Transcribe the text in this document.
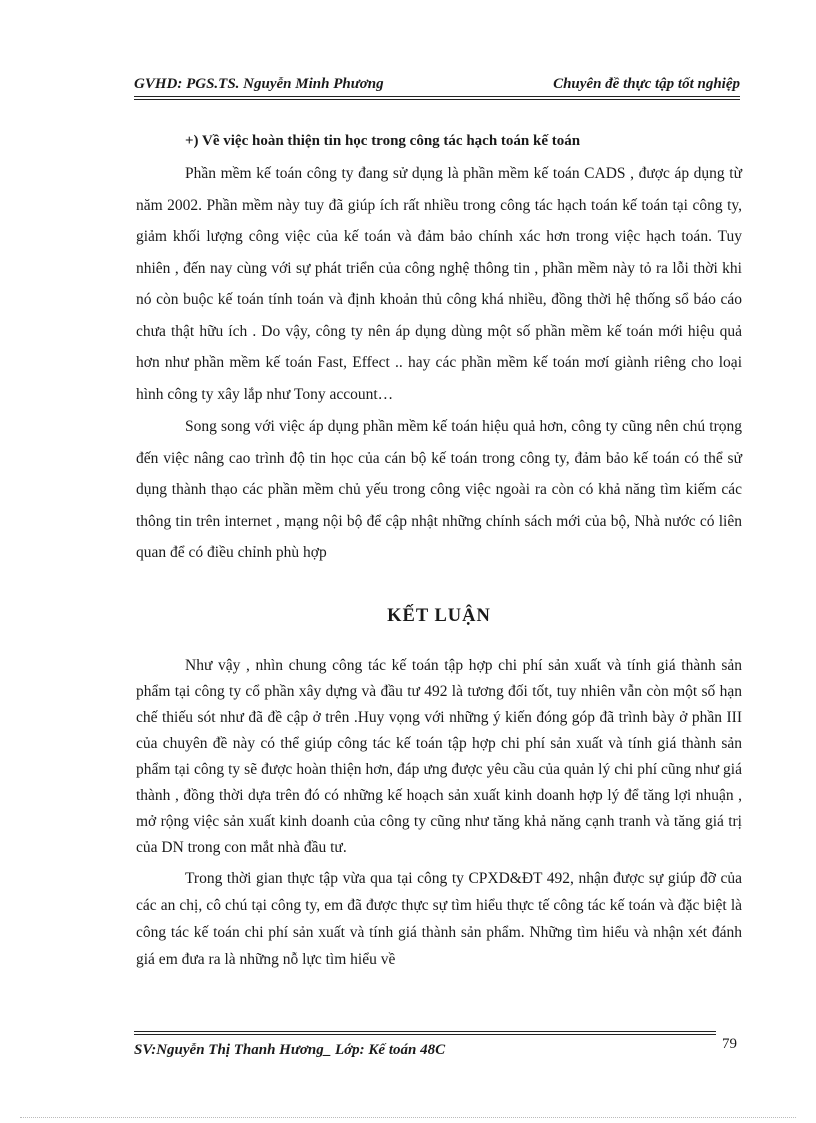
GVHD: PGS.TS. Nguyễn Minh Phương	Chuyên đề thực tập tốt nghiệp

+) Về việc hoàn thiện tin học trong công tác hạch toán kế toán

Phần mềm kế toán công ty đang sử dụng là phần mềm kế toán CADS , được áp dụng từ năm 2002. Phần mềm này tuy đã giúp ích rất nhiều trong công tác hạch toán kế toán tại công ty, giảm khối lượng công việc của kế toán và đảm bảo chính xác hơn trong việc hạch toán. Tuy nhiên , đến nay cùng với sự phát triển của công nghệ thông tin , phần mềm này tỏ ra lỗi thời khi nó còn buộc kế toán tính toán và định khoản thủ công khá nhiều, đồng thời hệ thống sổ báo cáo chưa thật hữu ích . Do vậy, công ty nên áp dụng dùng một số phần mềm kế toán mới hiệu quả hơn như phần mềm kế toán Fast, Effect .. hay các phần mềm kế toán mơí giành riêng cho loại hình công ty xây lắp như Tony account…

Song song với việc áp dụng phần mềm kế toán hiệu quả hơn, công ty cũng nên chú trọng đến việc nâng cao trình độ tin học của cán bộ kế toán trong công ty, đảm bảo kế toán có thể sử dụng thành thạo các phần mềm chủ yếu trong công việc ngoài ra còn có khả năng tìm kiếm các thông tin trên internet , mạng nội bộ để cập nhật những chính sách mới của bộ, Nhà nước có liên quan để có điều chỉnh phù hợp

KẾT LUẬN

Như vậy , nhìn chung công tác kế toán tập hợp chi phí sản xuất và tính giá thành sản phẩm tại công ty cổ phần xây dựng và đầu tư 492 là tương đối tốt, tuy nhiên vẫn còn một số hạn chế thiếu sót như đã đề cập ở trên .Huy vọng với những ý kiến đóng góp đã trình bày ở phần III của chuyên đề này có thể giúp công tác kế toán tập hợp chi phí sản xuất và tính giá thành sản phẩm tại công ty sẽ được hoàn thiện hơn, đáp ưng được yêu cầu của quản lý chi phí cũng như giá thành , đồng thời dựa trên đó có những kế hoạch sản xuất kinh doanh hợp lý để tăng lợi nhuận , mở rộng việc sản xuất kinh doanh của công ty cũng như tăng khả năng cạnh tranh và tăng giá trị của DN trong con mắt nhà đầu tư.

Trong thời gian thực tập vừa qua tại công ty CPXD&ĐT 492, nhận được sự giúp đỡ của các an chị, cô chú tại công ty, em đã được thực sự tìm hiểu thực tế công tác kế toán và đặc biệt là công tác kế toán chi phí sản xuất và tính giá thành sản phẩm. Những tìm hiểu và nhận xét đánh giá em đưa ra là những nỗ lực tìm hiểu về

SV:Nguyễn Thị Thanh Hương_ Lớp: Kế toán 48C	79
